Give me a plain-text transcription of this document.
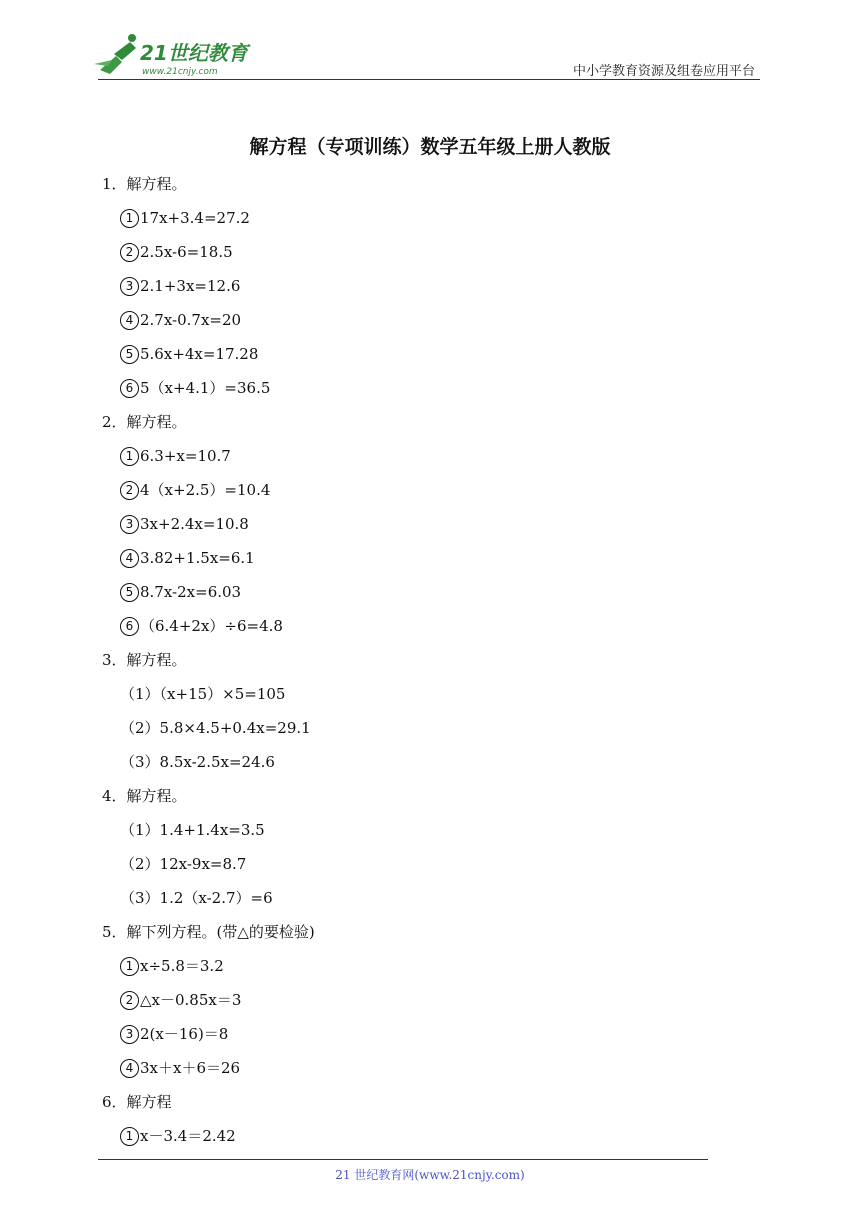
21世纪教育
www.21cnjy.com	中小学教育资源及组卷应用平台
解方程（专项训练）数学五年级上册人教版
1．解方程。
1 17x+3.4=27.2
2 2.5x-6=18.5
3 2.1+3x=12.6
4 2.7x-0.7x=20
5 5.6x+4x=17.28
6 5（x+4.1）=36.5
2．解方程。
1 6.3+x=10.7
2 4（x+2.5）=10.4
3 3x+2.4x=10.8
4 3.82+1.5x=6.1
5 8.7x-2x=6.03
6 （6.4+2x）÷6=4.8
3．解方程。
（1）（x+15）×5=105
（2）5.8×4.5+0.4x=29.1
（3）8.5x-2.5x=24.6
4．解方程。
（1）1.4+1.4x=3.5
（2）12x-9x=8.7
（3）1.2（x-2.7）=6
5．解下列方程。(带△的要检验)
1 x÷5.8＝3.2
2 △x－0.85x＝3
3 2(x－16)＝8
4 3x＋x＋6＝26
6．解方程
1 x－3.4＝2.42
21 世纪教育网(www.21cnjy.com)
